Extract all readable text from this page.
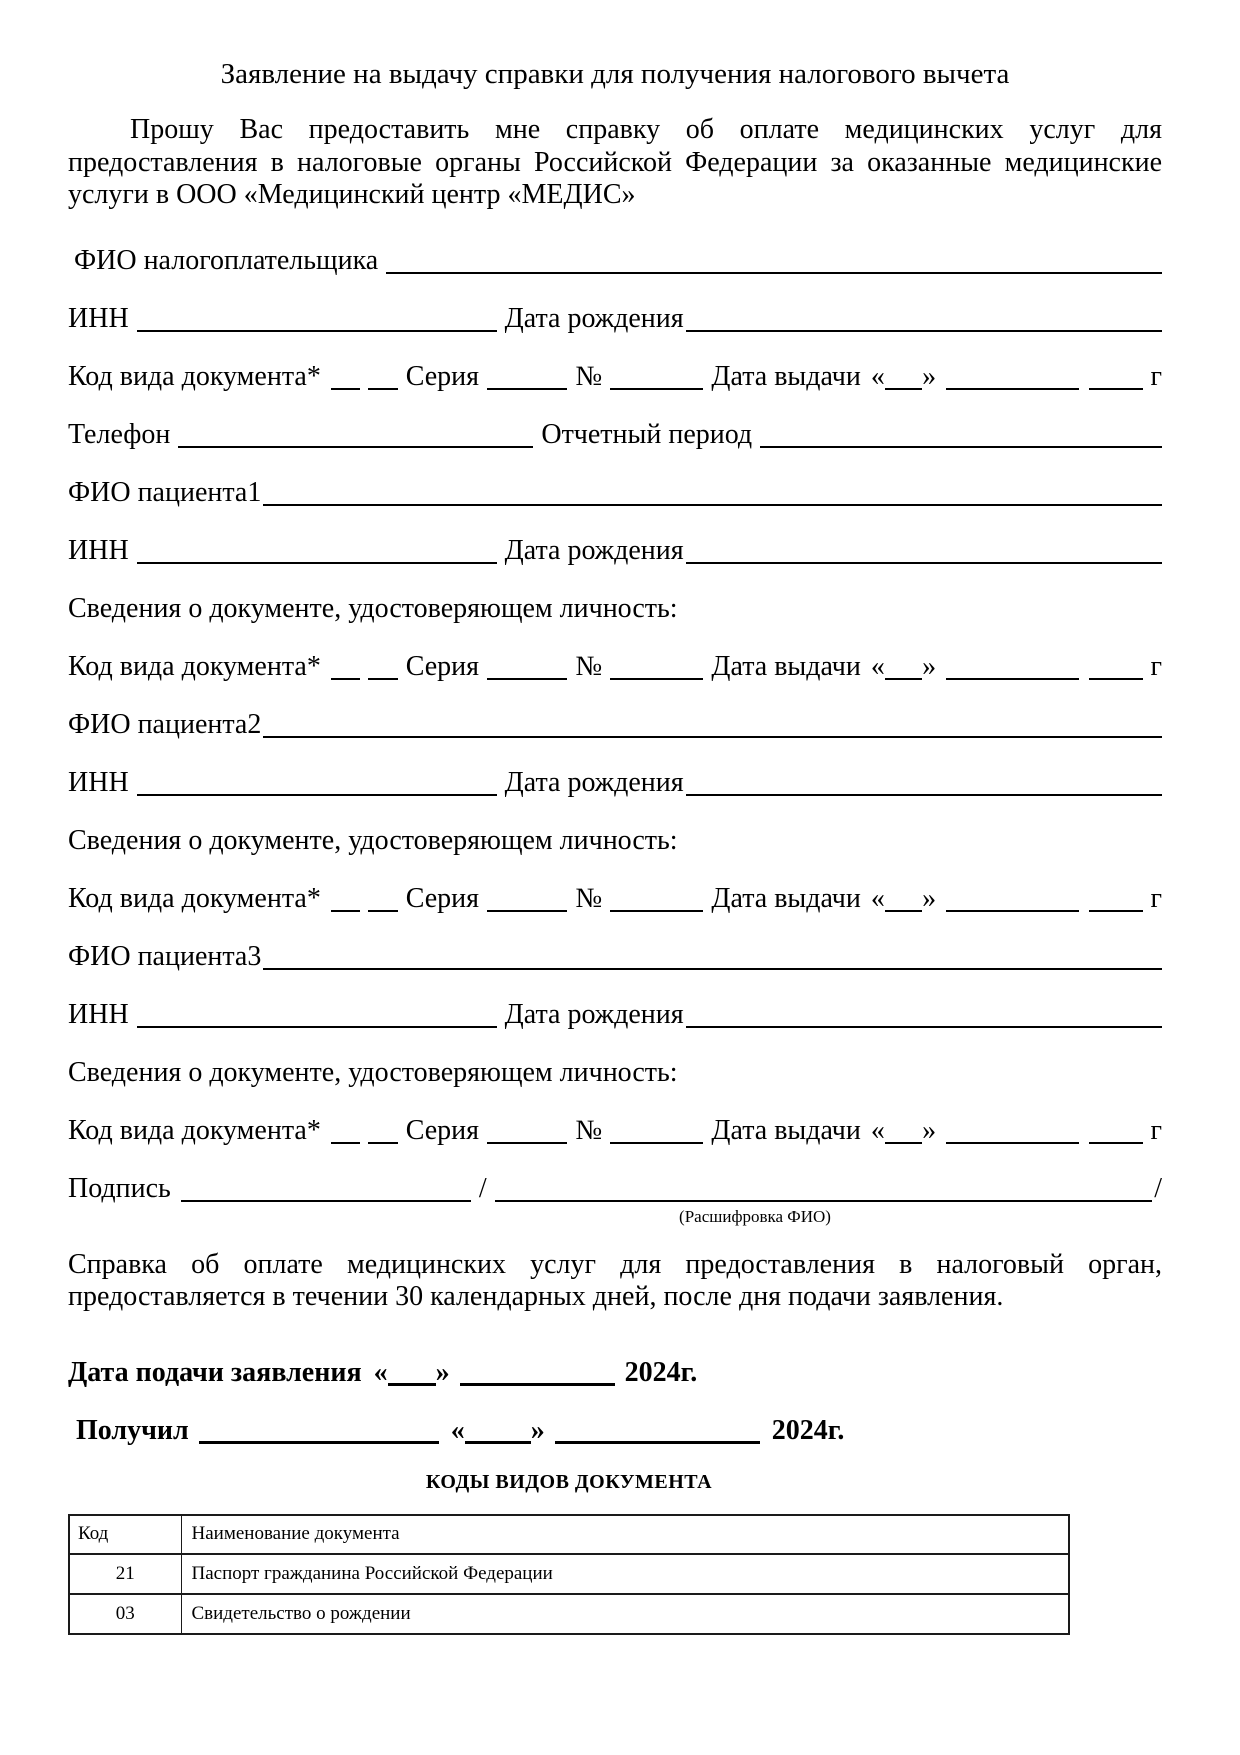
Заявление на выдачу справки для получения налогового вычета

Прошу Вас предоставить мне справку об оплате медицинских услуг для предоставления в налоговые органы Российской Федерации за оказанные медицинские услуги в ООО «Медицинский центр «МЕДИС»

ФИО налогоплательщика
ИНН	Дата рождения
Код вида документа*	Серия	№	Дата выдачи « »	г
Телефон	Отчетный период
ФИО пациента1
ИНН	Дата рождения
Сведения о документе, удостоверяющем личность:
Код вида документа*	Серия	№	Дата выдачи « »	г
ФИО пациента2
ИНН	Дата рождения
Сведения о документе, удостоверяющем личность:
Код вида документа*	Серия	№	Дата выдачи « »	г
ФИО пациента3
ИНН	Дата рождения
Сведения о документе, удостоверяющем личность:
Код вида документа*	Серия	№	Дата выдачи « »	г
Подпись	/	/
(Расшифровка ФИО)

Справка об оплате медицинских услуг для предоставления в налоговый орган, предоставляется в течении 30 календарных дней, после дня подачи заявления.

Дата подачи заявления « »	2024г.
Получил	« »	2024г.
КОДЫ ВИДОВ ДОКУМЕНТА
Код	Наименование документа
21	Паспорт гражданина Российской Федерации
03	Свидетельство о рождении
